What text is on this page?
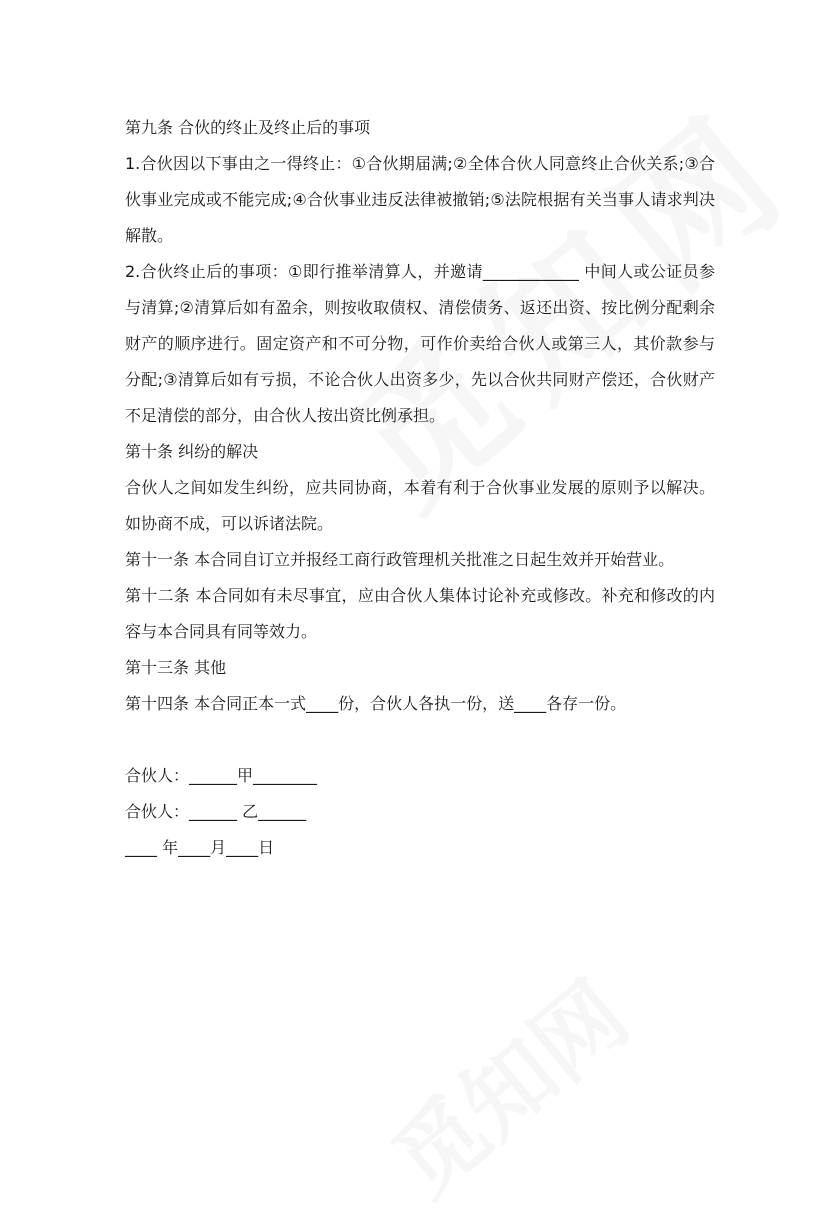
第九条 合伙的终止及终止后的事项

1.合伙因以下事由之一得终止：①合伙期届满;②全体合伙人同意终止合伙关系;③合伙事业完成或不能完成;④合伙事业违反法律被撤销;⑤法院根据有关当事人请求判决解散。

2.合伙终止后的事项：①即行推举清算人，并邀请____________ 中间人或公证员参与清算;②清算后如有盈余，则按收取债权、清偿债务、返还出资、按比例分配剩余财产的顺序进行。固定资产和不可分物，可作价卖给合伙人或第三人，其价款参与分配;③清算后如有亏损，不论合伙人出资多少，先以合伙共同财产偿还，合伙财产不足清偿的部分，由合伙人按出资比例承担。

第十条 纠纷的解决

合伙人之间如发生纠纷，应共同协商，本着有利于合伙事业发展的原则予以解决。如协商不成，可以诉诸法院。

第十一条 本合同自订立并报经工商行政管理机关批准之日起生效并开始营业。

第十二条 本合同如有未尽事宜，应由合伙人集体讨论补充或修改。补充和修改的内容与本合同具有同等效力。

第十三条 其他

第十四条 本合同正本一式____份，合伙人各执一份，送____各存一份。

合伙人：______甲________

合伙人：______ 乙______

____ 年____月____日
